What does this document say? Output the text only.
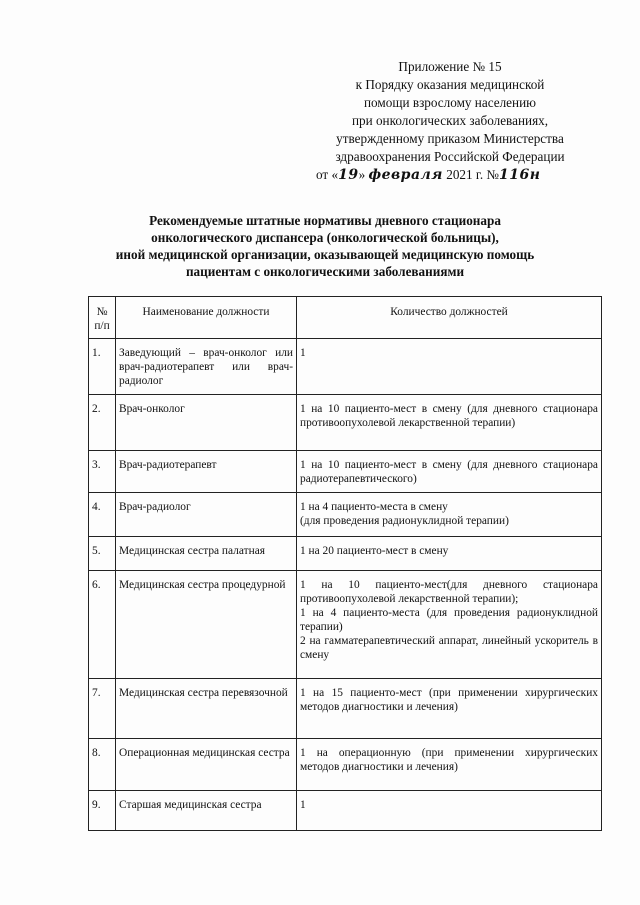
Приложение № 15
к Порядку оказания медицинской
помощи взрослому населению
при онкологических заболеваниях,
утвержденному приказом Министерства
здравоохранения Российской Федерации
от «19» февраля 2021 г. №116н
Рекомендуемые штатные нормативы дневного стационара
онкологического диспансера (онкологической больницы),
иной медицинской организации, оказывающей медицинскую помощь
пациентам с онкологическими заболеваниями
№ п/п	Наименование должности	Количество должностей
1.	Заведующий – врач-онколог или врач-радиотерапевт или врач-радиолог	1

2.	Врач-онколог	1 на 10 пациенто-мест в смену (для дневного стационара противоопухолевой лекарственной терапии)

3.	Врач-радиотерапевт	1 на 10 пациенто-мест в смену (для дневного стационара радиотерапевтического)

4.	Врач-радиолог	1 на 4 пациенто-места в смену
(для проведения радионуклидной терапии)

5.	Медицинская сестра палатная	1 на 20 пациенто-мест в смену

6.	Медицинская сестра процедурной	1 на 10 пациенто-мест(для дневного стационара противоопухолевой лекарственной терапии);
1 на 4 пациенто-места (для проведения радионуклидной терапии)
2 на гамматерапевтический аппарат, линейный ускоритель в смену

7.	Медицинская сестра перевязочной	1 на 15 пациенто-мест (при применении хирургических методов диагностики и лечения)

8.	Операционная медицинская сестра	1 на операционную (при применении хирургических методов диагностики и лечения)

9.	Старшая медицинская сестра	1
